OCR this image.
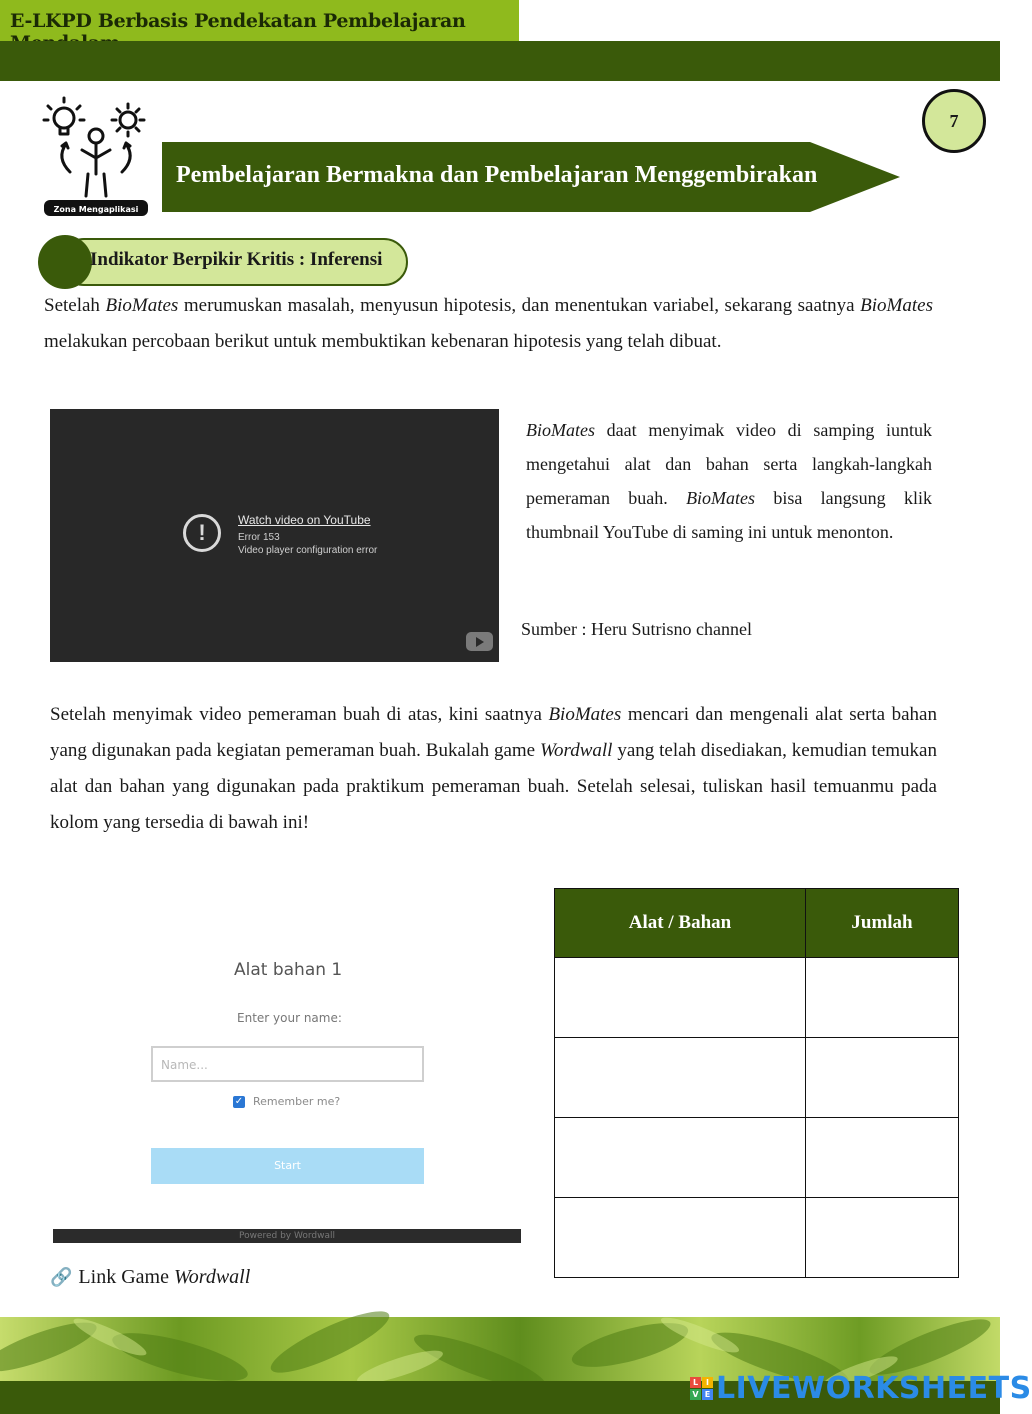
E-LKPD Berbasis Pendekatan Pembelajaran
7
Zona Mengaplikasi
Pembelajaran Bermakna dan Pembelajaran Menggembirakan
Indikator Berpikir Kritis : Inferensi
Setelah BioMates merumuskan masalah, menyusun hipotesis, dan menentukan variabel, sekarang saatnya BioMates melakukan percobaan berikut untuk membuktikan kebenaran hipotesis yang telah dibuat.
!	Watch video on YouTube
Error 153
Video player configuration error
BioMates daat menyimak video di samping iuntuk mengetahui alat dan bahan serta langkah-langkah pemeraman buah. BioMates bisa langsung klik thumbnail YouTube di saming ini untuk menonton.
Sumber : Heru Sutrisno channel
Setelah menyimak video pemeraman buah di atas, kini saatnya BioMates mencari dan mengenali alat serta bahan yang digunakan pada kegiatan pemeraman buah. Bukalah game Wordwall yang telah disediakan, kemudian temukan alat dan bahan yang digunakan pada praktikum pemeraman buah. Setelah selesai, tuliskan hasil temuanmu pada kolom yang tersedia di bawah ini!
Alat bahan 1
Enter your name:
Name...
✓ Remember me?
Start
Powered by Wordwall
Alat / Bahan	Jumlah

🔗 Link Game Wordwall
L I
V E LIVEWORKSHEETS
